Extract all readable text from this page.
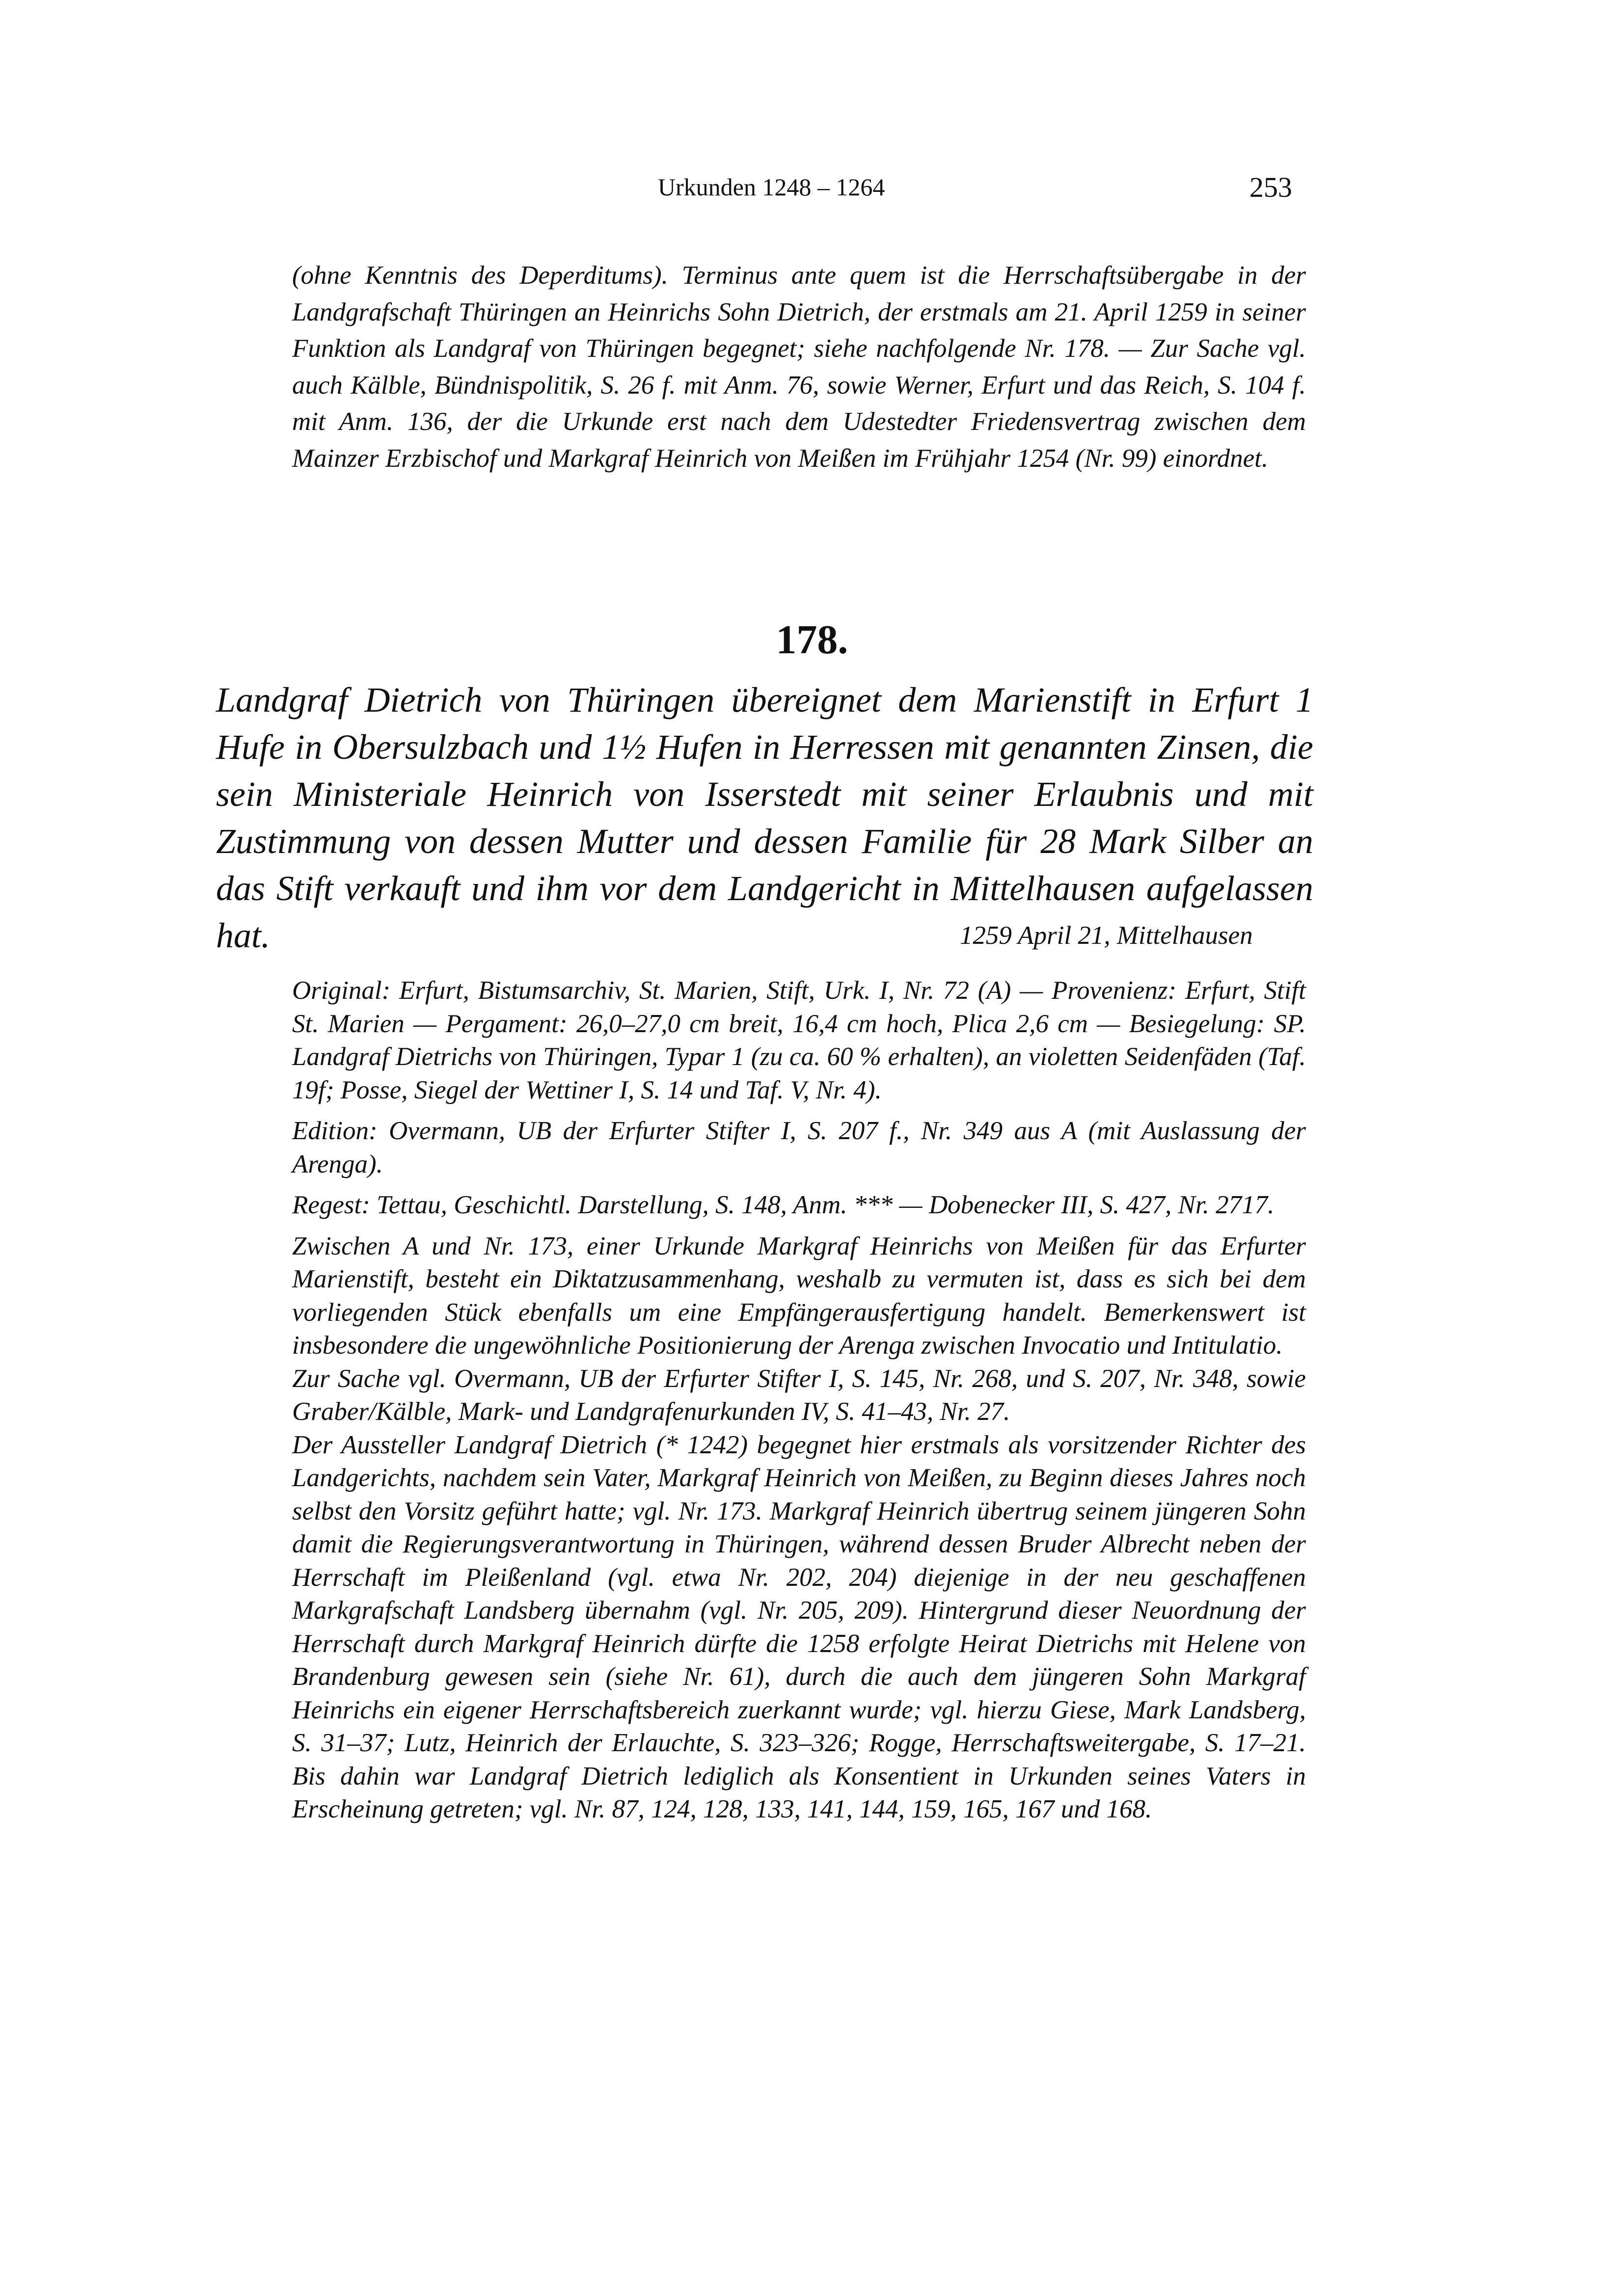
Urkunden 1248 – 1264	253
(ohne Kenntnis des Deperditums). Terminus ante quem ist die Herrschaftsübergabe in der Landgrafschaft Thüringen an Heinrichs Sohn Dietrich, der erstmals am 21. April 1259 in seiner Funktion als Landgraf von Thüringen begegnet; siehe nachfolgende Nr. 178. — Zur Sache vgl. auch Kälble, Bündnispolitik, S. 26 f. mit Anm. 76, sowie Werner, Erfurt und das Reich, S. 104 f. mit Anm. 136, der die Urkunde erst nach dem Udestedter Friedensvertrag zwischen dem Mainzer Erzbischof und Markgraf Heinrich von Meißen im Frühjahr 1254 (Nr. 99) einordnet.
178.
Landgraf Dietrich von Thüringen übereignet dem Marienstift in Erfurt 1 Hufe in Obersulzbach und 1½ Hufen in Herressen mit genannten Zinsen, die sein Ministeriale Heinrich von Isserstedt mit seiner Erlaubnis und mit Zustimmung von dessen Mutter und dessen Familie für 28 Mark Silber an das Stift verkauft und ihm vor dem Landgericht in Mittelhausen aufgelassen hat.	1259 April 21, Mittelhausen

Original: Erfurt, Bistumsarchiv, St. Marien, Stift, Urk. I, Nr. 72 (A) — Provenienz: Erfurt, Stift St. Marien — Pergament: 26,0–27,0 cm breit, 16,4 cm hoch, Plica 2,6 cm — Besiegelung: SP. Landgraf Dietrichs von Thüringen, Typar 1 (zu ca. 60 % erhalten), an violetten Seidenfäden (Taf. 19f; Posse, Siegel der Wettiner I, S. 14 und Taf. V, Nr. 4).

Edition: Overmann, UB der Erfurter Stifter I, S. 207 f., Nr. 349 aus A (mit Auslassung der Arenga).

Regest: Tettau, Geschichtl. Darstellung, S. 148, Anm. *** — Dobenecker III, S. 427, Nr. 2717.

Zwischen A und Nr. 173, einer Urkunde Markgraf Heinrichs von Meißen für das Erfurter Marienstift, besteht ein Diktatzusammenhang, weshalb zu vermuten ist, dass es sich bei dem vorliegenden Stück ebenfalls um eine Empfängerausfertigung handelt. Bemerkenswert ist insbesondere die ungewöhnliche Positionierung der Arenga zwischen Invocatio und Intitulatio.

Zur Sache vgl. Overmann, UB der Erfurter Stifter I, S. 145, Nr. 268, und S. 207, Nr. 348, sowie Graber/Kälble, Mark- und Landgrafenurkunden IV, S. 41–43, Nr. 27.

Der Aussteller Landgraf Dietrich (* 1242) begegnet hier erstmals als vorsitzender Richter des Landgerichts, nachdem sein Vater, Markgraf Heinrich von Meißen, zu Beginn dieses Jahres noch selbst den Vorsitz geführt hatte; vgl. Nr. 173. Markgraf Heinrich übertrug seinem jüngeren Sohn damit die Regierungsverantwortung in Thüringen, während dessen Bruder Albrecht neben der Herrschaft im Pleißenland (vgl. etwa Nr. 202, 204) diejenige in der neu geschaffenen Markgrafschaft Landsberg übernahm (vgl. Nr. 205, 209). Hintergrund dieser Neuordnung der Herrschaft durch Markgraf Heinrich dürfte die 1258 erfolgte Heirat Dietrichs mit Helene von Brandenburg gewesen sein (siehe Nr. 61), durch die auch dem jüngeren Sohn Markgraf Heinrichs ein eigener Herrschaftsbereich zuerkannt wurde; vgl. hierzu Giese, Mark Landsberg, S. 31–37; Lutz, Heinrich der Erlauchte, S. 323–326; Rogge, Herrschaftsweitergabe, S. 17–21. Bis dahin war Landgraf Dietrich lediglich als Konsentient in Urkunden seines Vaters in Erscheinung getreten; vgl. Nr. 87, 124, 128, 133, 141, 144, 159, 165, 167 und 168.
